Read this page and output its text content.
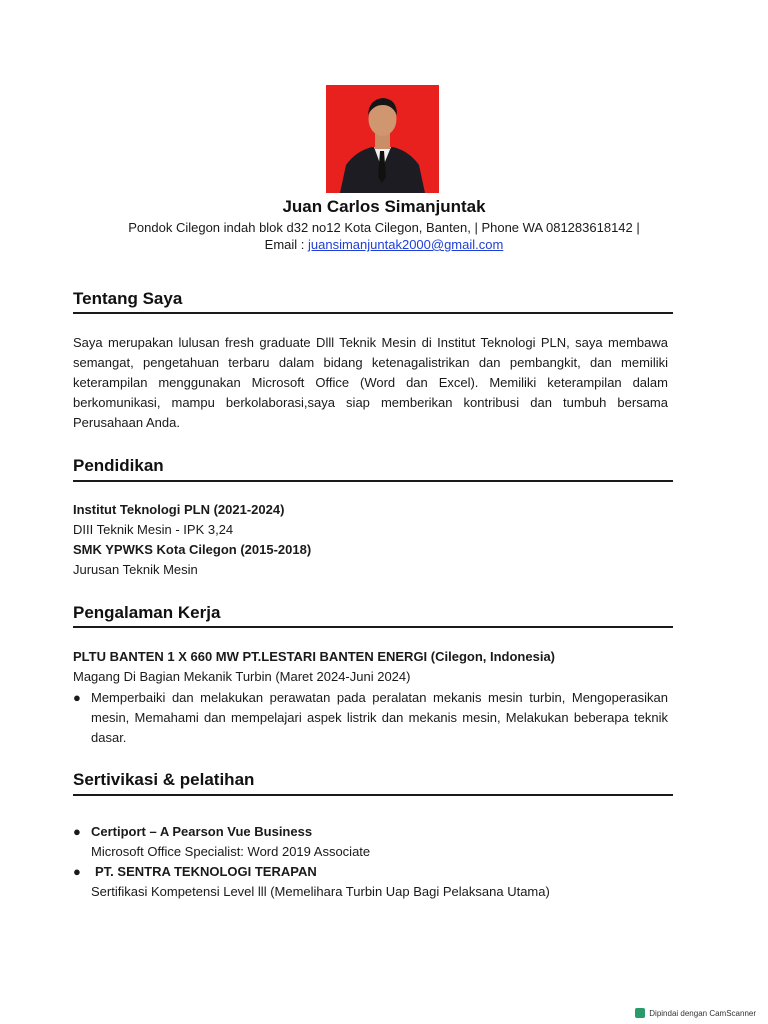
Juan Carlos Simanjuntak
Pondok Cilegon indah blok d32 no12 Kota Cilegon, Banten, | Phone WA 081283618142 |
Email : juansimanjuntak2000@gmail.com
Tentang Saya
Saya merupakan lulusan fresh graduate Dlll Teknik Mesin di Institut Teknologi PLN, saya membawa semangat, pengetahuan terbaru dalam bidang ketenagalistrikan dan pembangkit, dan memiliki keterampilan menggunakan Microsoft Office (Word dan Excel). Memiliki keterampilan dalam berkomunikasi, mampu berkolaborasi,saya siap memberikan kontribusi dan tumbuh bersama Perusahaan Anda.
Pendidikan
Institut Teknologi PLN (2021-2024)
DIII Teknik Mesin - IPK 3,24
SMK YPWKS Kota Cilegon (2015-2018)
Jurusan Teknik Mesin
Pengalaman Kerja
PLTU BANTEN 1 X 660 MW PT.LESTARI BANTEN ENERGI (Cilegon, Indonesia)
Magang Di Bagian Mekanik Turbin (Maret 2024-Juni 2024)
● Memperbaiki dan melakukan perawatan pada peralatan mekanis mesin turbin, Mengoperasikan mesin, Memahami dan mempelajari aspek listrik dan mekanis mesin, Melakukan beberapa teknik dasar.
Sertivikasi & pelatihan
● Certiport – A Pearson Vue Business
Microsoft Office Specialist: Word 2019 Associate
●	PT. SENTRA TEKNOLOGI TERAPAN
Sertifikasi Kompetensi Level lll (Memelihara Turbin Uap Bagi Pelaksana Utama)
Dipindai dengan CamScanner
